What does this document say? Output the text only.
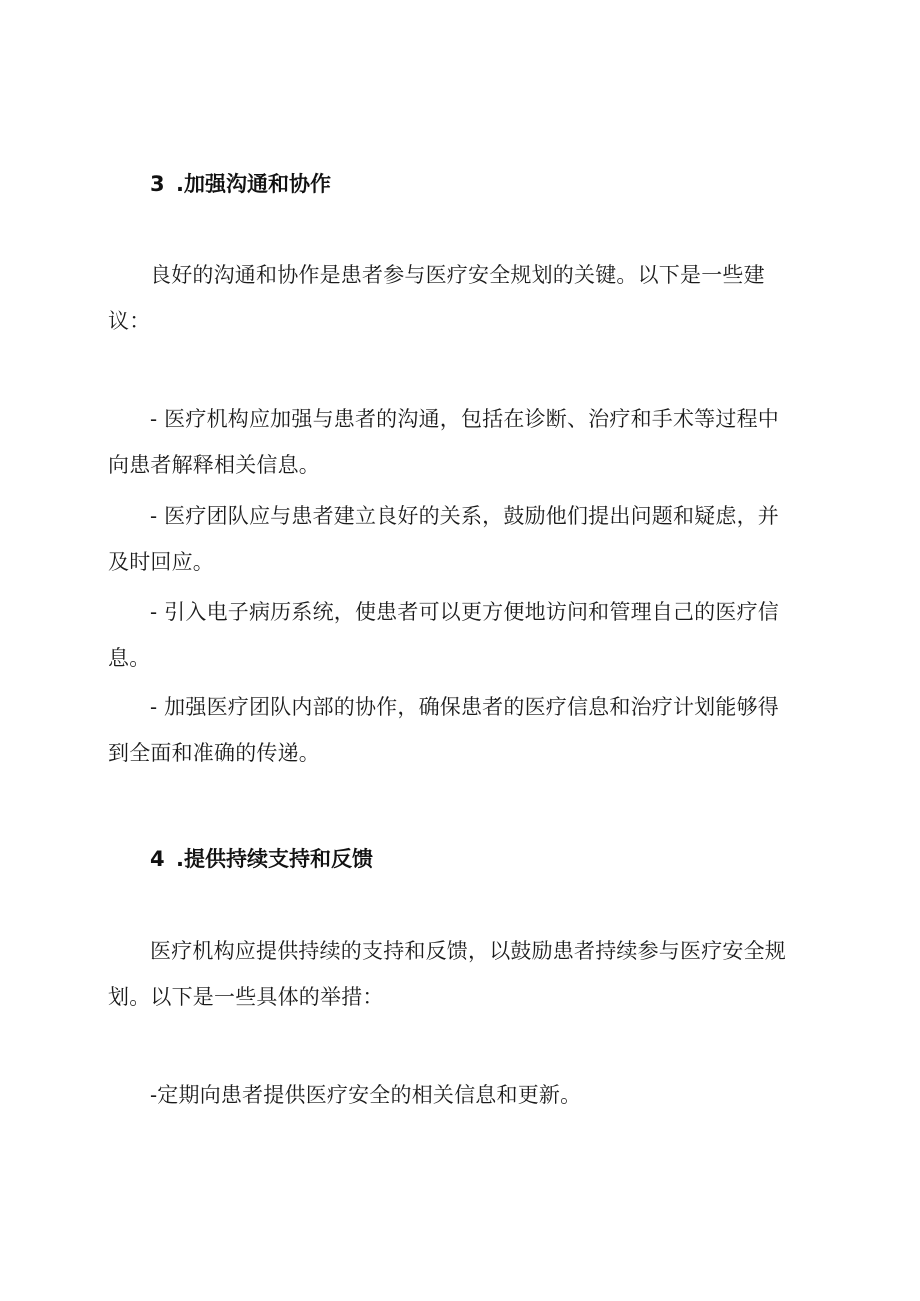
3 .加强沟通和协作
良好的沟通和协作是患者参与医疗安全规划的关键。以下是一些建
议：
- 医疗机构应加强与患者的沟通，包括在诊断、治疗和手术等过程中
向患者解释相关信息。
- 医疗团队应与患者建立良好的关系，鼓励他们提出问题和疑虑，并
及时回应。
- 引入电子病历系统，使患者可以更方便地访问和管理自己的医疗信
息。
- 加强医疗团队内部的协作，确保患者的医疗信息和治疗计划能够得
到全面和准确的传递。
4 .提供持续支持和反馈
医疗机构应提供持续的支持和反馈，以鼓励患者持续参与医疗安全规
划。以下是一些具体的举措：
-定期向患者提供医疗安全的相关信息和更新。
